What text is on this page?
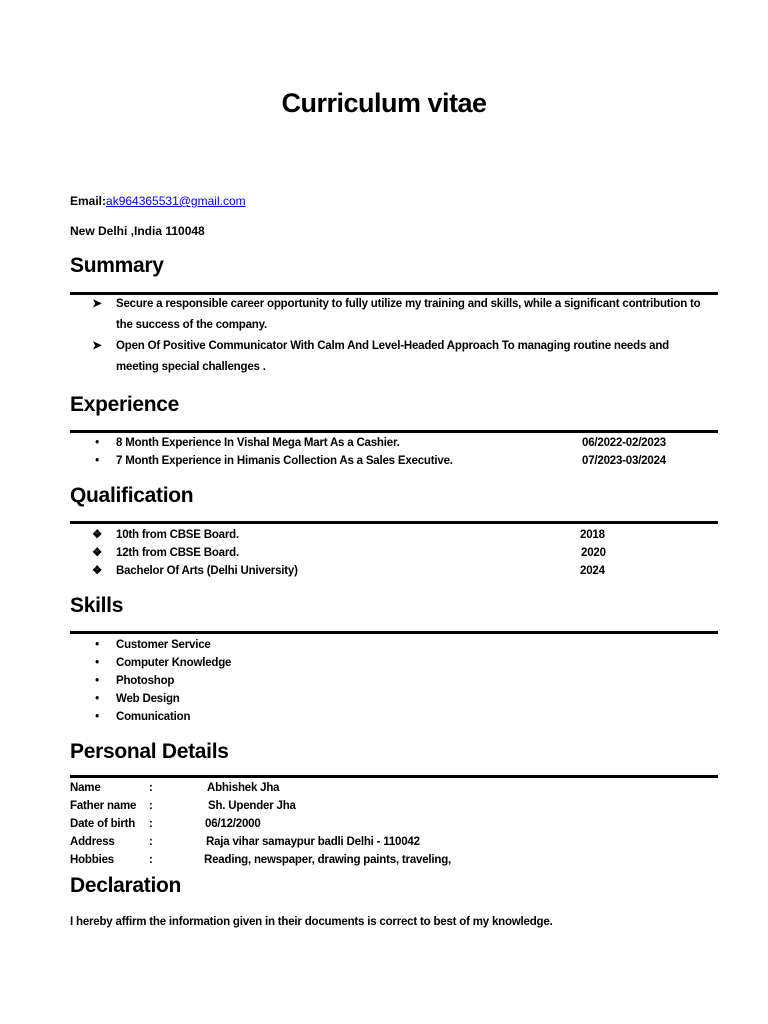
Curriculum vitae
Email:ak964365531@gmail.com
New Delhi ,India 110048
Summary
➤ Secure a responsible career opportunity to fully utilize my training and skills, while a significant contribution to the success of the company.
➤ Open Of Positive Communicator With Calm And Level-Headed Approach To managing routine needs and meeting special challenges .
Experience
•	8 Month Experience In Vishal Mega Mart As a Cashier.	06/2022-02/2023
•	7 Month Experience in Himanis Collection As a Sales Executive.	07/2023-03/2024
Qualification
❖ 10th from CBSE Board.	2018
❖ 12th from CBSE Board.	2020
❖ Bachelor Of Arts (Delhi University)	2024
Skills
•	Customer Service
•	Computer Knowledge
•	Photoshop
•	Web Design
•	Comunication
Personal Details
Name	:	Abhishek Jha
Father name :	Sh. Upender Jha
Date of birth :	06/12/2000
Address	:	Raja vihar samaypur badli Delhi - 110042
Hobbies	:	Reading, newspaper, drawing paints, traveling,
Declaration
I hereby affirm the information given in their documents is correct to best of my knowledge.
